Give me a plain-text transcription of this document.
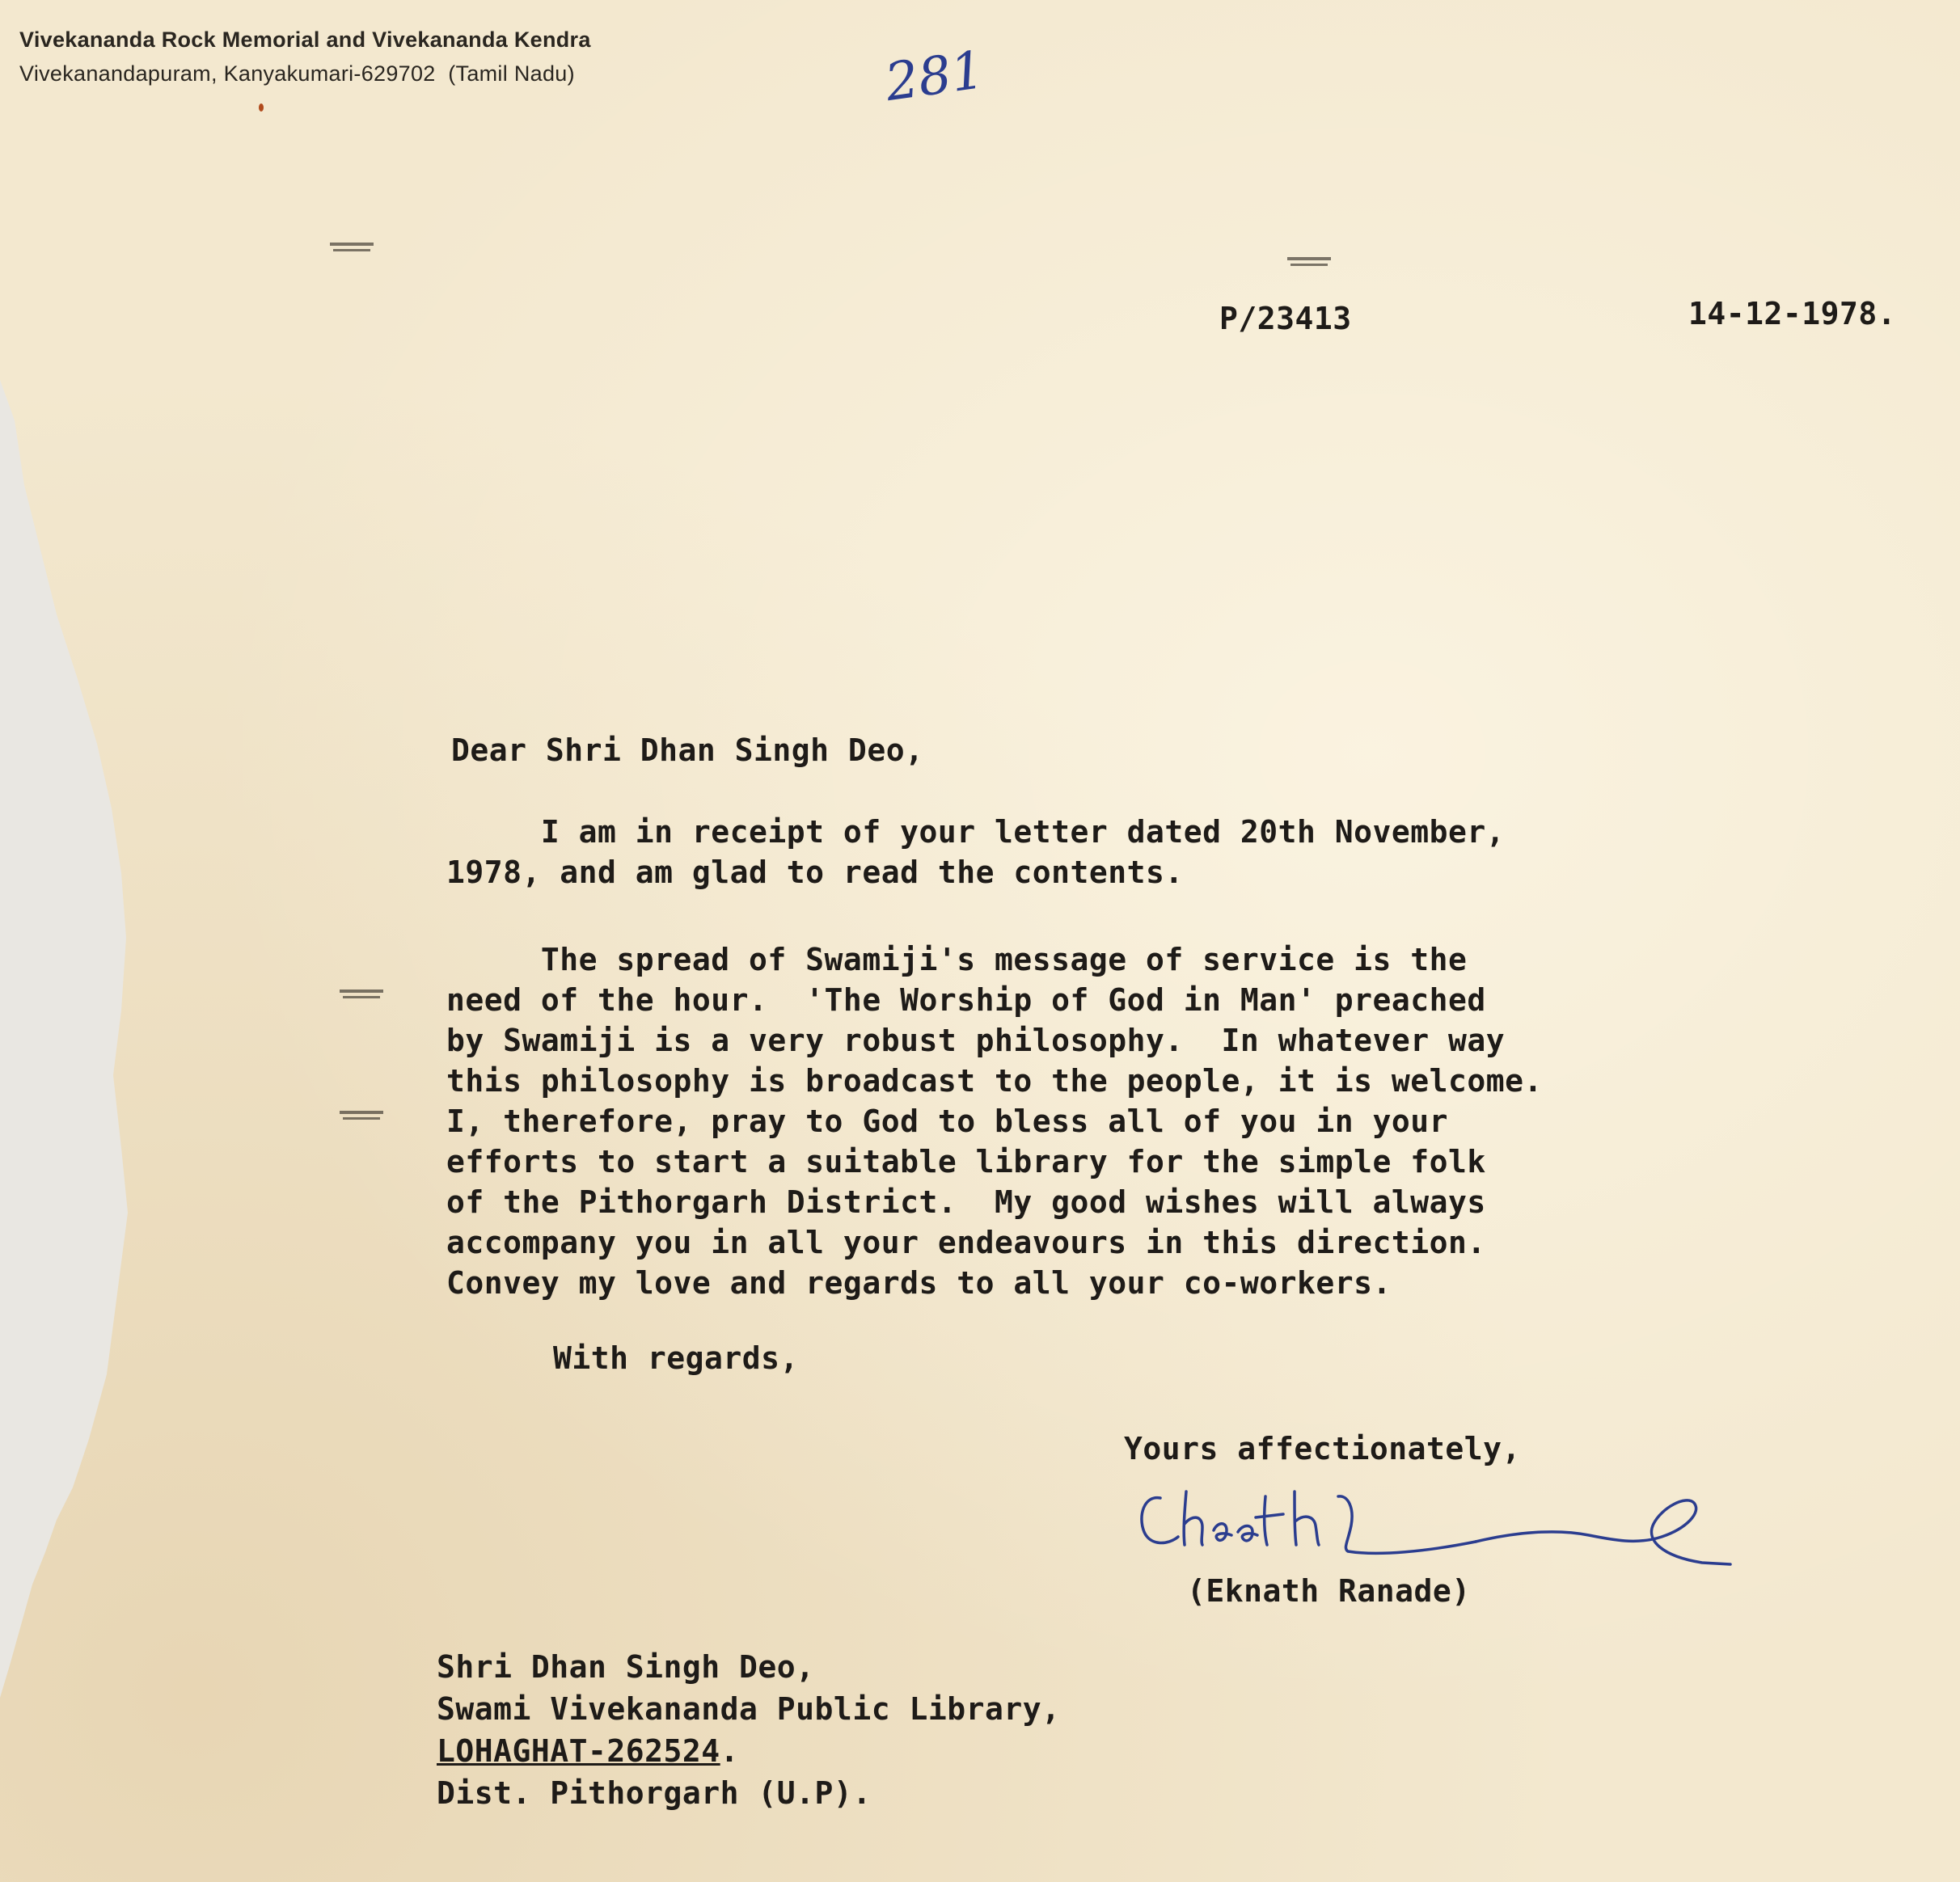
Vivekananda Rock Memorial and Vivekananda Kendra
Vivekanandapuram, Kanyakumari-629702 (Tamil Nadu)	281
P/23413	14-12-1978.
Dear Shri Dhan Singh Deo,
I am in receipt of your letter dated 20th November,
1978, and am glad to read the contents.
The spread of Swamiji's message of service is the
need of the hour.  'The Worship of God in Man' preached
by Swamiji is a very robust philosophy.  In whatever way
this philosophy is broadcast to the people, it is welcome.
I, therefore, pray to God to bless all of you in your
efforts to start a suitable library for the simple folk
of the Pithorgarh District.  My good wishes will always
accompany you in all your endeavours in this direction.
Convey my love and regards to all your co-workers.
With regards,
Yours affectionately,
(Eknath Ranade)
Shri Dhan Singh Deo,
Swami Vivekananda Public Library,
LOHAGHAT-262524.
Dist. Pithorgarh (U.P).
